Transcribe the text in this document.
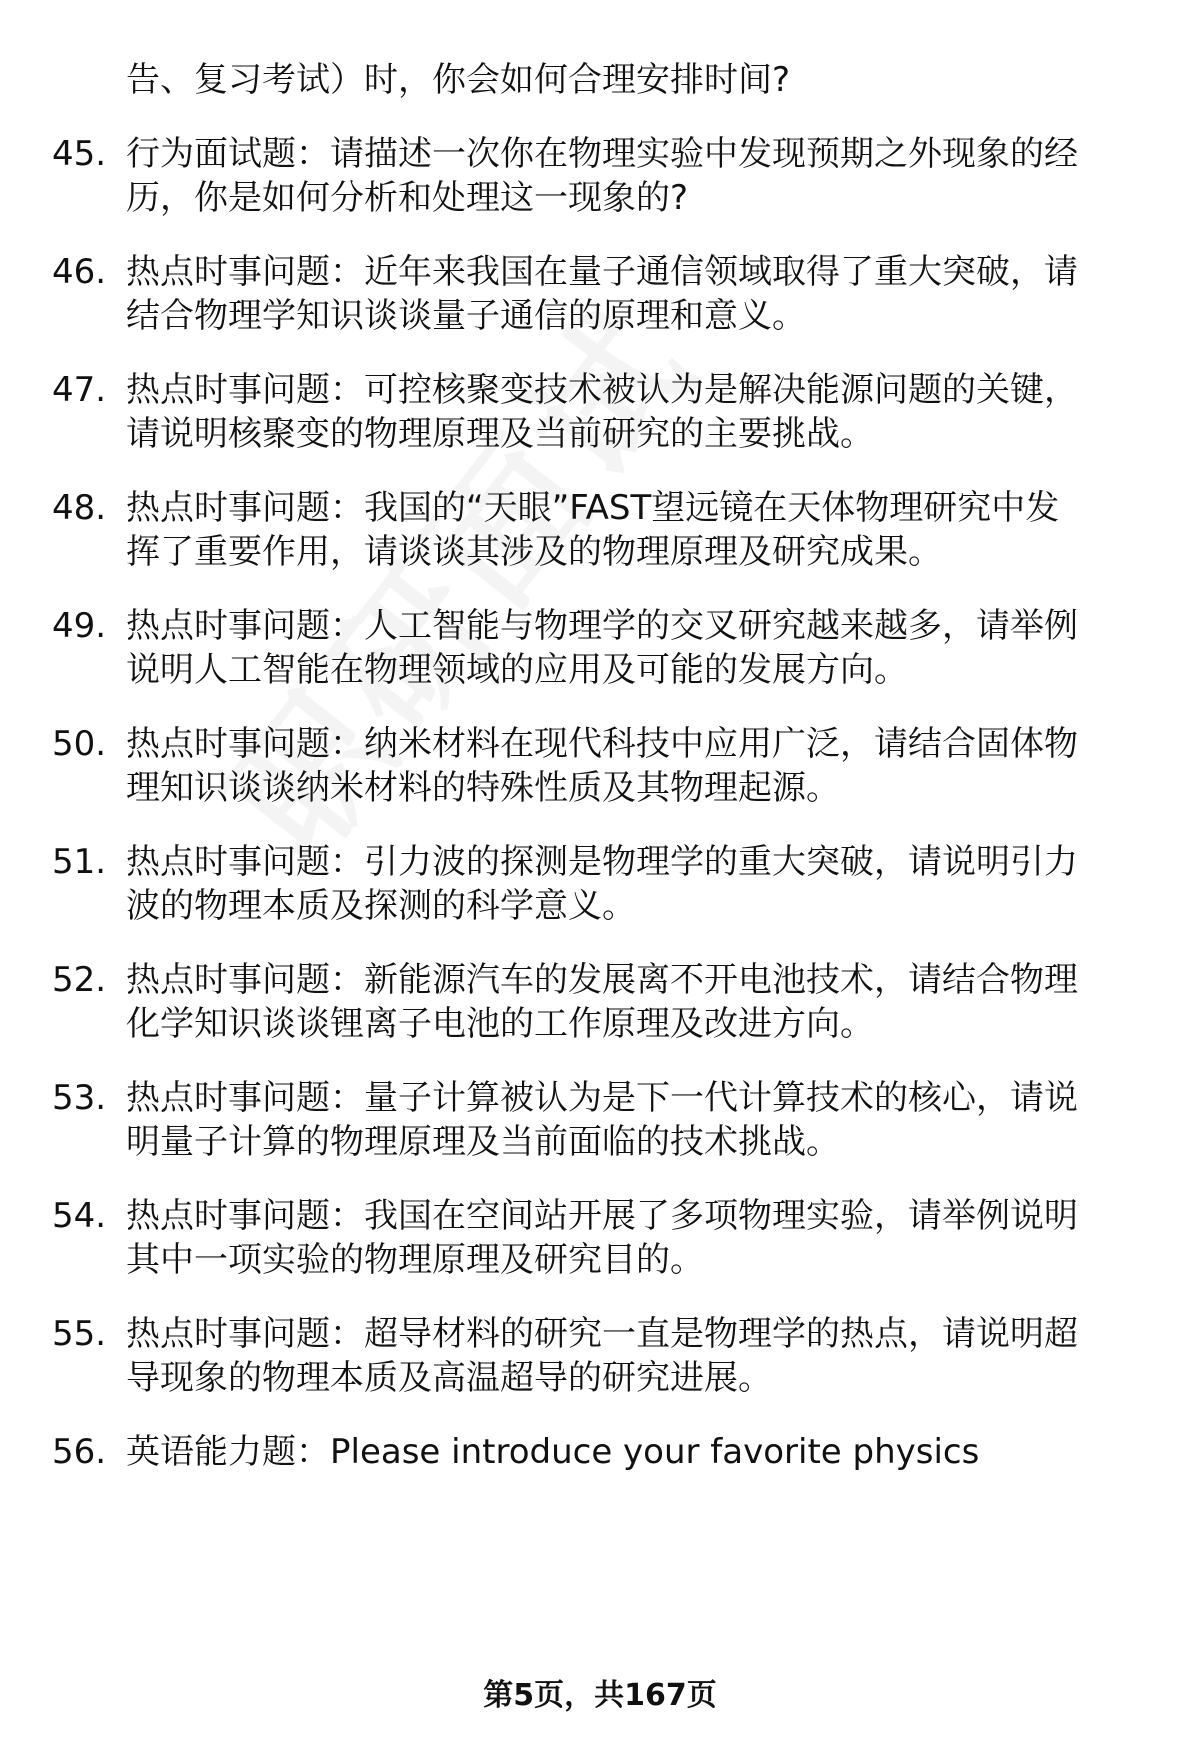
告、复习考试）时，你会如何合理安排时间?
45. 行为面试题：请描述一次你在物理实验中发现预期之外现象的经
历，你是如何分析和处理这一现象的?
46. 热点时事问题：近年来我国在量子通信领域取得了重大突破，请
结合物理学知识谈谈量子通信的原理和意义。
47. 热点时事问题：可控核聚变技术被认为是解决能源问题的关键，
请说明核聚变的物理原理及当前研究的主要挑战。
48. 热点时事问题：我国的“天眼”FAST望远镜在天体物理研究中发
挥了重要作用，请谈谈其涉及的物理原理及研究成果。
49. 热点时事问题：人工智能与物理学的交叉研究越来越多，请举例
说明人工智能在物理领域的应用及可能的发展方向。
50. 热点时事问题：纳米材料在现代科技中应用广泛，请结合固体物
理知识谈谈纳米材料的特殊性质及其物理起源。
51. 热点时事问题：引力波的探测是物理学的重大突破，请说明引力
波的物理本质及探测的科学意义。
52. 热点时事问题：新能源汽车的发展离不开电池技术，请结合物理
化学知识谈谈锂离子电池的工作原理及改进方向。
53. 热点时事问题：量子计算被认为是下一代计算技术的核心，请说
明量子计算的物理原理及当前面临的技术挑战。
54. 热点时事问题：我国在空间站开展了多项物理实验，请举例说明
其中一项实验的物理原理及研究目的。
55. 热点时事问题：超导材料的研究一直是物理学的热点，请说明超
导现象的物理本质及高温超导的研究进展。
56. 英语能力题：Please introduce your favorite physics
第5页，共167页
